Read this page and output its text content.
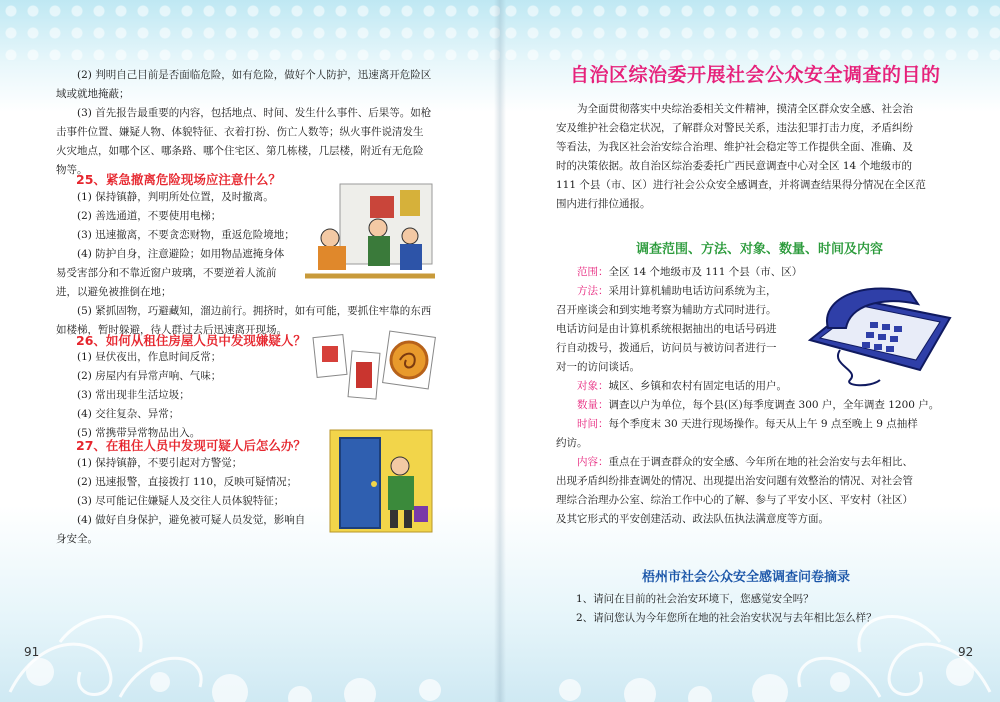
(2) 判明自己目前是否面临危险，如有危险，做好个人防护，迅速离开危险区

域或就地掩蔽；

(3) 首先报告最重要的内容，包括地点、时间、发生什么事件、后果等。如枪

击事件位置、嫌疑人物、体貌特征、衣着打扮、伤亡人数等；纵火事件说清发生

火灾地点，如哪个区、哪条路、哪个住宅区、第几栋楼，几层楼，附近有无危险

物等。

25、紧急撤离危险现场应注意什么？

(1) 保持镇静，判明所处位置，及时撤离。

(2) 善选通道，不要使用电梯；

(3) 迅速撤离，不要贪恋财物，重返危险境地；

(4) 防护自身，注意避险；如用物品遮掩身体

易受害部分和不靠近窗户玻璃，不要逆着人流前

进，以避免被推倒在地；

(5) 紧抓固物，巧避藏知，溜边前行。拥挤时，如有可能，要抓住牢靠的东西

如楼梯，暂时躲避，待人群过去后迅速离开现场。

26、如何从租住房屋人员中发现嫌疑人？

(1) 昼伏夜出，作息时间反常；

(2) 房屋内有异常声响、气味；

(3) 常出现非生活垃圾；

(4) 交往复杂、异常；

(5) 常携带异常物品出入。

27、在租住人员中发现可疑人后怎么办？

(1) 保持镇静，不要引起对方警觉；

(2) 迅速报警，直接拨打 110，反映可疑情况；

(3) 尽可能记住嫌疑人及交往人员体貌特征；

(4) 做好自身保护，避免被可疑人员发觉，影响自

身安全。

91
自治区综治委开展社会公众安全调查的目的

为全面贯彻落实中央综治委相关文件精神，摸清全区群众安全感、社会治

安及维护社会稳定状况，了解群众对警民关系，违法犯罪打击力度，矛盾纠纷

等看法，为我区社会治安综合治理、维护社会稳定等工作提供全面、准确、及

时的决策依据。故自治区综治委委托广西民意调查中心对全区 14 个地级市的

111 个县（市、区）进行社会公众安全感调查，并将调查结果得分情况在全区范

围内进行排位通报。

调查范围、方法、对象、数量、时间及内容

范围：全区 14 个地级市及 111 个县（市、区）

方法：采用计算机辅助电话访问系统为主，

召开座谈会和到实地考察为辅助方式同时进行。

电话访问是由计算机系统根据抽出的电话号码进

行自动拨号，拨通后，访问员与被访问者进行一

对一的访问谈话。

对象：城区、乡镇和农村有固定电话的用户。

数量：调查以户为单位，每个县(区)每季度调查 300 户，全年调查 1200 户。

时间：每个季度末 30 天进行现场操作。每天从上午 9 点至晚上 9 点抽样

约访。

内容：重点在于调查群众的安全感、今年所在地的社会治安与去年相比、

出现矛盾纠纷排查调处的情况、出现提出治安问题有效整治的情况、对社会管

理综合治理办公室、综治工作中心的了解、参与了平安小区、平安村（社区）

及其它形式的平安创建活动、政法队伍执法满意度等方面。

梧州市社会公众安全感调查问卷摘录

1、请问在目前的社会治安环境下，您感觉安全吗？

2、请问您认为今年您所在地的社会治安状况与去年相比怎么样？

92
